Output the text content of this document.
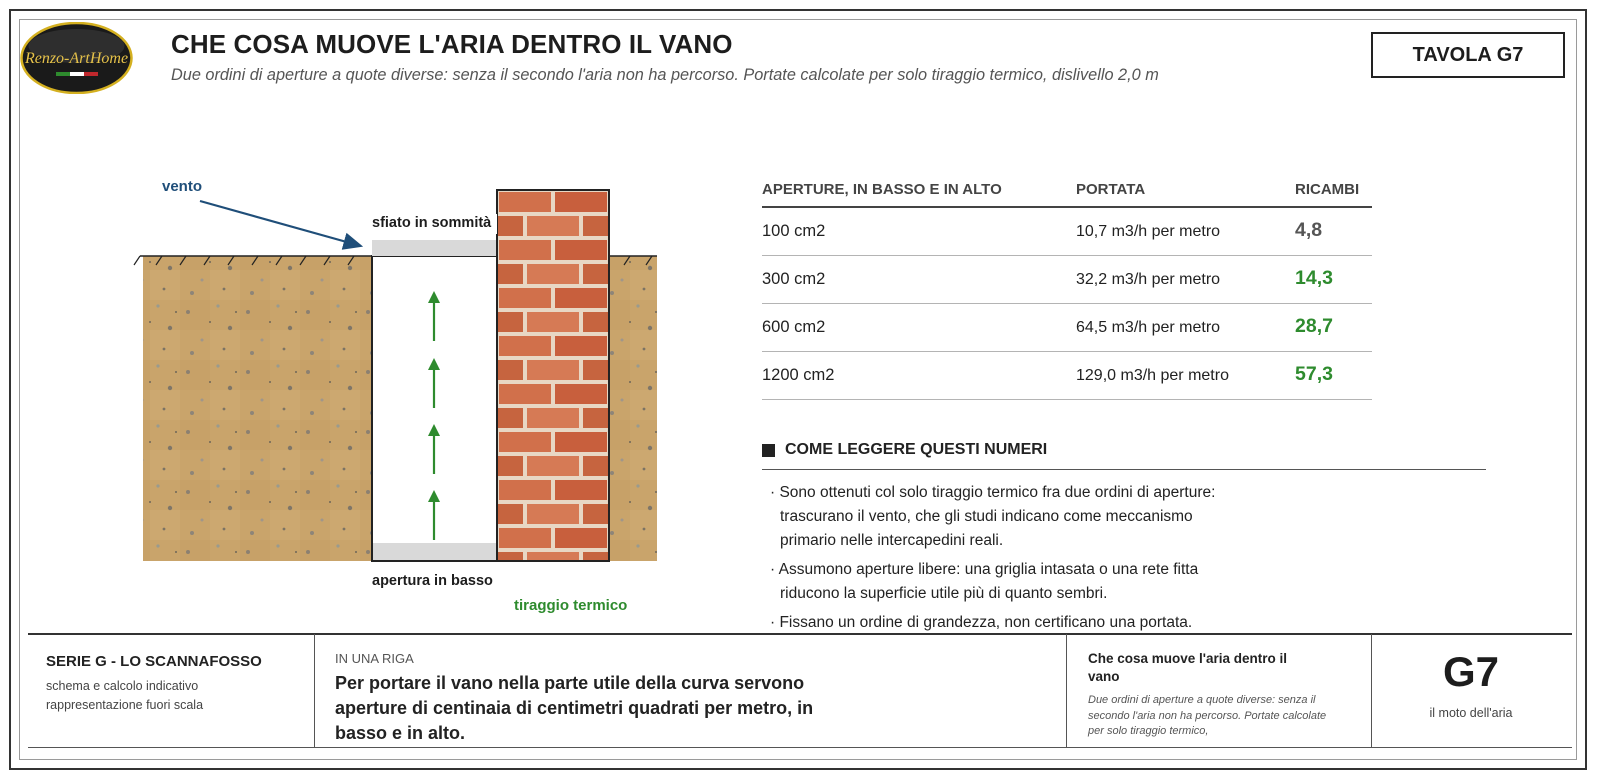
Renzo-ArtHome CHE COSA MUOVE L'ARIA DENTRO IL VANO
Due ordini di aperture a quote diverse: senza il secondo l'aria non ha percorso. Portate calcolate per solo tiraggio termico, dislivello 2,0 m
TAVOLA G7
vento
sfiato in sommità
apertura in basso
tiraggio termico
APERTURE, IN BASSO E IN ALTO	PORTATA	RICAMBI
100 cm2	10,7 m3/h per metro	4,8
300 cm2	32,2 m3/h per metro	14,3
600 cm2	64,5 m3/h per metro	28,7
1200 cm2	129,0 m3/h per metro	57,3
COME LEGGERE QUESTI NUMERI
· Sono ottenuti col solo tiraggio termico fra due ordini di aperture: trascurano il vento, che gli studi indicano come meccanismo primario nelle intercapedini reali.
· Assumono aperture libere: una griglia intasata o una rete fitta riducono la superficie utile più di quanto sembri.
· Fissano un ordine di grandezza, non certificano una portata.
SERIE G - LO SCANNAFOSSO
schema e calcolo indicativo
rappresentazione fuori scala
IN UNA RIGA
Per portare il vano nella parte utile della curva servono aperture di centinaia di centimetri quadrati per metro, in basso e in alto.
Che cosa muove l'aria dentro il vano
Due ordini di aperture a quote diverse: senza il secondo l'aria non ha percorso. Portate calcolate per solo tiraggio termico,
G7
il moto dell'aria
